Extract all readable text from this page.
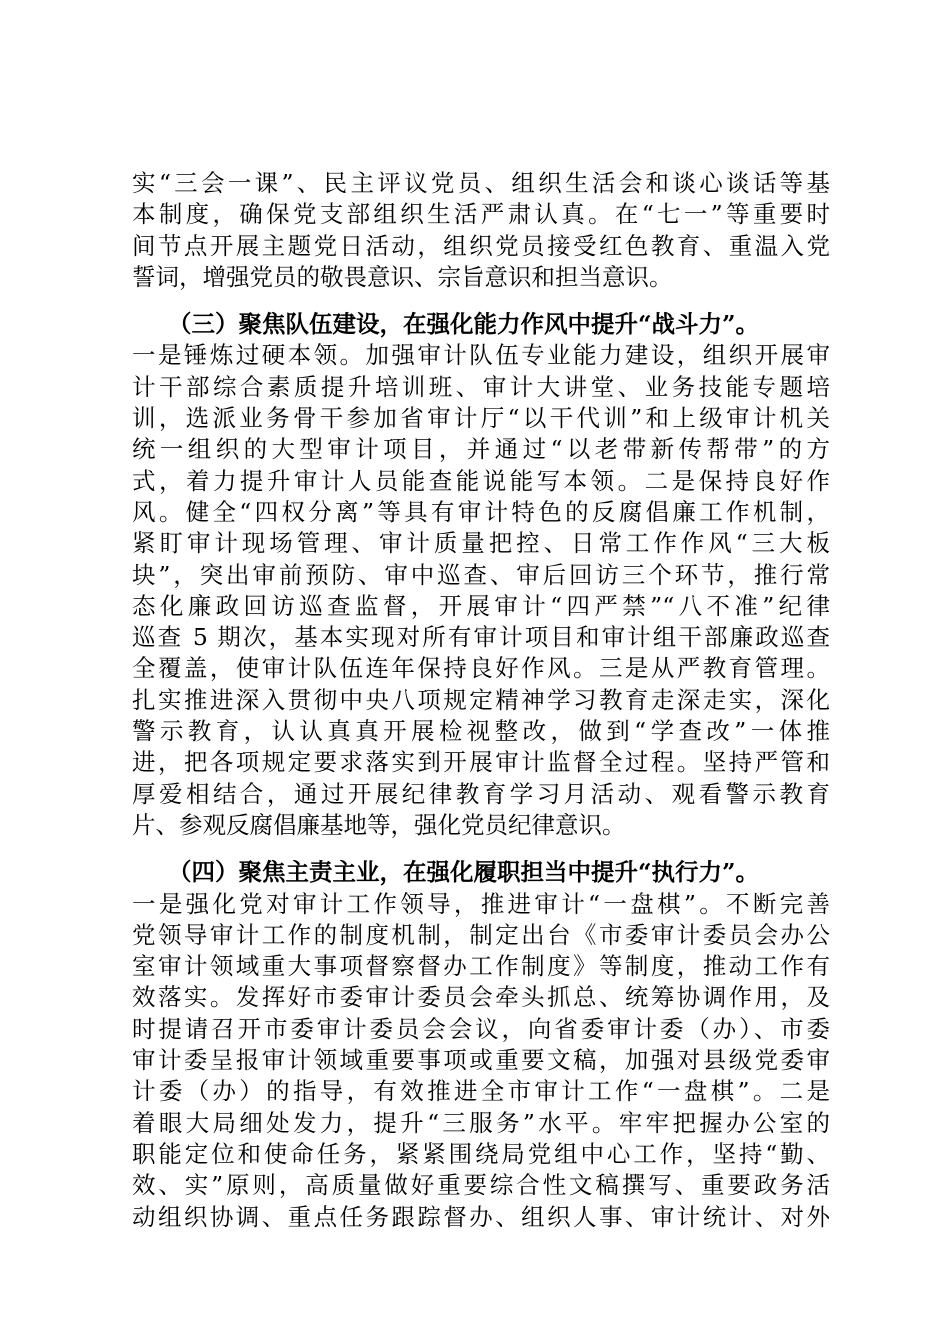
实“三会一课”、民主评议党员、组织生活会和谈心谈话等基
本制度，确保党支部组织生活严肃认真。在“七一”等重要时
间节点开展主题党日活动，组织党员接受红色教育、重温入党
誓词，增强党员的敬畏意识、宗旨意识和担当意识。

（三）聚焦队伍建设，在强化能力作风中提升“战斗力”。

一是锤炼过硬本领。加强审计队伍专业能力建设，组织开展审
计干部综合素质提升培训班、审计大讲堂、业务技能专题培
训，选派业务骨干参加省审计厅“以干代训”和上级审计机关
统一组织的大型审计项目，并通过“以老带新传帮带”的方
式，着力提升审计人员能查能说能写本领。二是保持良好作
风。健全“四权分离”等具有审计特色的反腐倡廉工作机制，
紧盯审计现场管理、审计质量把控、日常工作作风“三大板
块”，突出审前预防、审中巡查、审后回访三个环节，推行常
态化廉政回访巡查监督，开展审计“四严禁”“八不准”纪律
巡查 5 期次，基本实现对所有审计项目和审计组干部廉政巡查
全覆盖，使审计队伍连年保持良好作风。三是从严教育管理。
扎实推进深入贯彻中央八项规定精神学习教育走深走实，深化
警示教育，认认真真开展检视整改，做到“学查改”一体推
进，把各项规定要求落实到开展审计监督全过程。坚持严管和
厚爱相结合，通过开展纪律教育学习月活动、观看警示教育
片、参观反腐倡廉基地等，强化党员纪律意识。

（四）聚焦主责主业，在强化履职担当中提升“执行力”。

一是强化党对审计工作领导，推进审计“一盘棋”。不断完善
党领导审计工作的制度机制，制定出台《市委审计委员会办公
室审计领域重大事项督察督办工作制度》等制度，推动工作有
效落实。发挥好市委审计委员会牵头抓总、统筹协调作用，及
时提请召开市委审计委员会会议，向省委审计委（办）、市委
审计委呈报审计领域重要事项或重要文稿，加强对县级党委审
计委（办）的指导，有效推进全市审计工作“一盘棋”。二是
着眼大局细处发力，提升“三服务”水平。牢牢把握办公室的
职能定位和使命任务，紧紧围绕局党组中心工作，坚持“勤、
效、实”原则，高质量做好重要综合性文稿撰写、重要政务活
动组织协调、重点任务跟踪督办、组织人事、审计统计、对外
